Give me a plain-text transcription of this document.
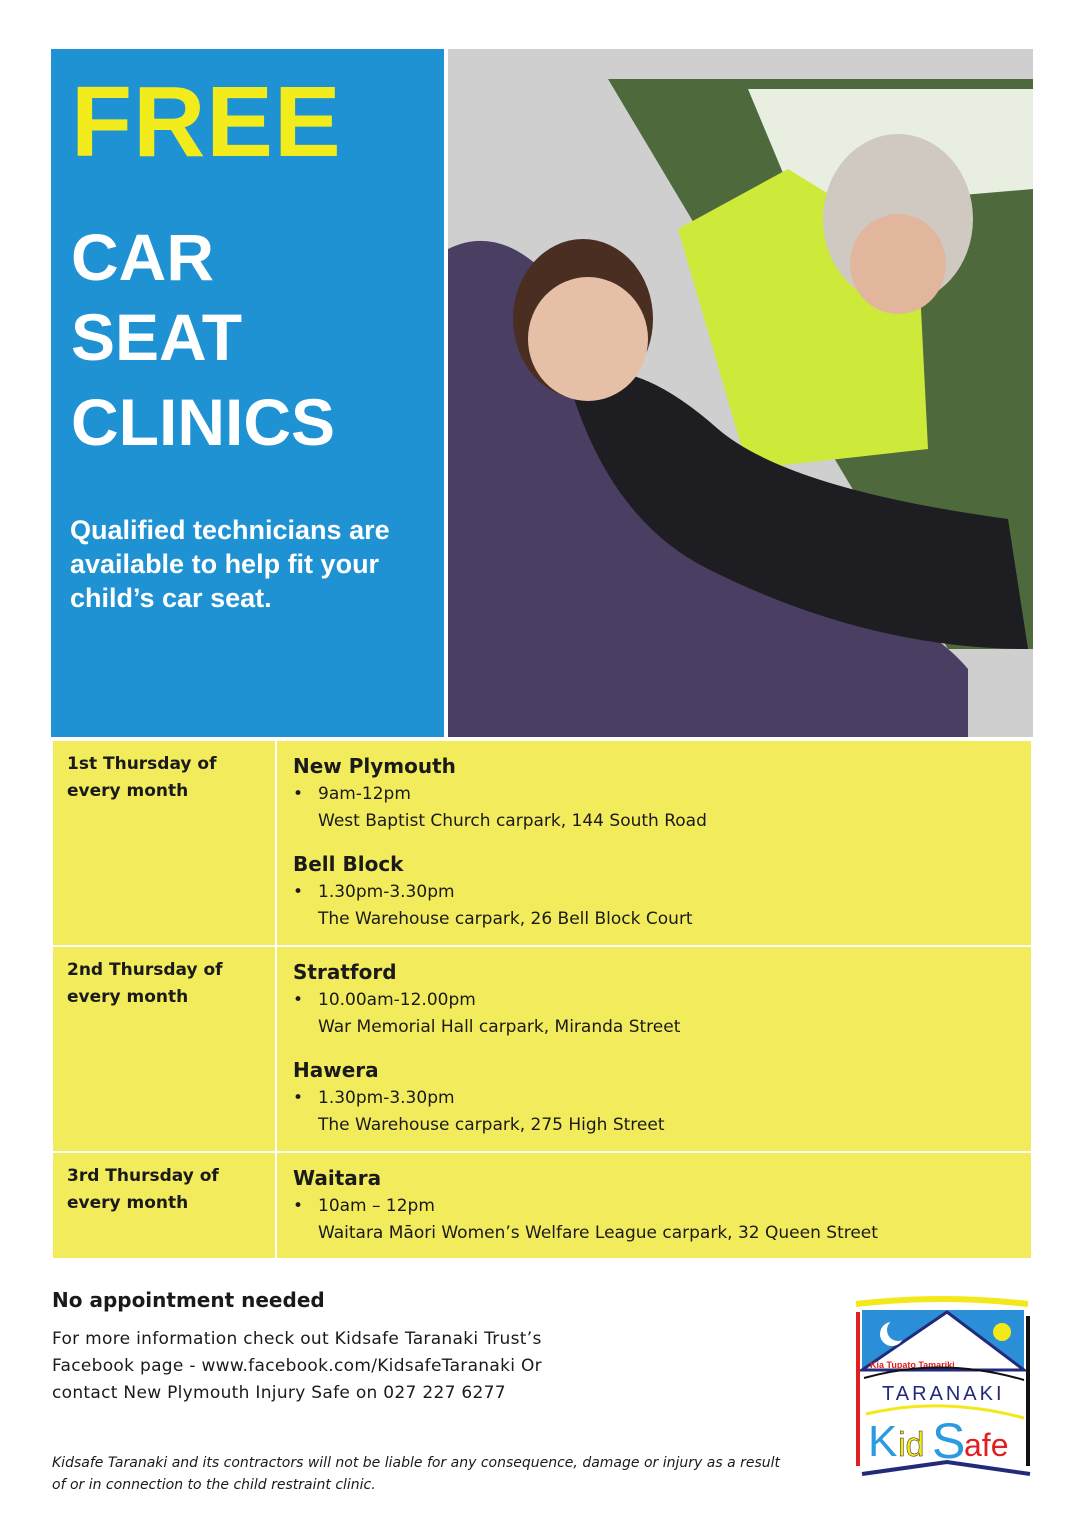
FREE
CAR
SEAT
CLINICS
Qualified technicians are available to help fit your child’s car seat.
1st Thursday of every month
New Plymouth
• 9am-12pm
West Baptist Church carpark, 144 South Road
Bell Block
• 1.30pm-3.30pm
The Warehouse carpark, 26 Bell Block Court
2nd Thursday of every month
Stratford
• 10.00am-12.00pm
War Memorial Hall carpark, Miranda Street
Hawera
• 1.30pm-3.30pm
The Warehouse carpark, 275 High Street
3rd Thursday of every month
Waitara
• 10am – 12pm
Waitara Māori Women’s Welfare League carpark, 32 Queen Street
No appointment needed
For more information check out Kidsafe Taranaki Trust’s Facebook page - www.facebook.com/KidsafeTaranaki Or contact New Plymouth Injury Safe on 027 227 6277
Kidsafe Taranaki and its contractors will not be liable for any consequence, damage or injury as a result of or in connection to the child restraint clinic.
Kia Tupato Tamariki
TARANAKI
K id S
afe
